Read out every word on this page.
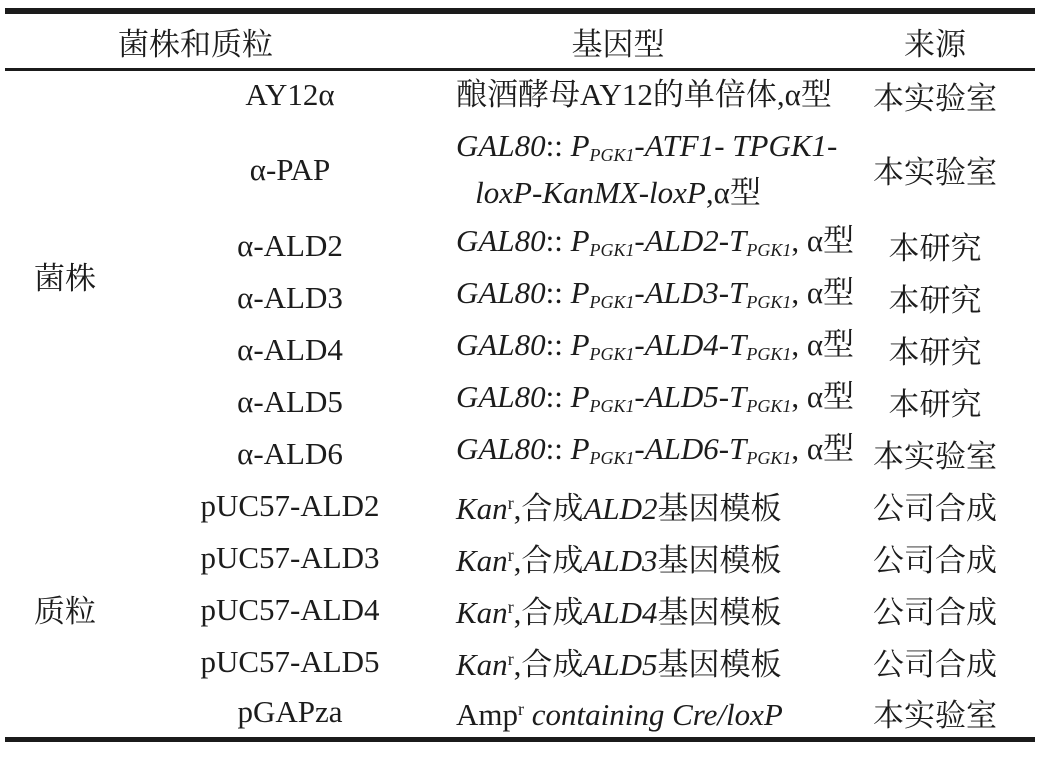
菌株和质粒		基因型	来源
菌株	AY12α	酿酒酵母AY12的单倍体,α型	本实验室
	α-PAP	GAL80:: $P_{PGK1}-ATF1-$ TPGK1-
loxP-KanMX-loxP,α型	本实验室
	α-ALD2	GAL80:: $P_{PGK1}-ALD2-T_{PGK1}$, α型	本研究
	α-ALD3	GAL80:: $P_{PGK1}-ALD3-T_{PGK1}$, α型	本研究
	α-ALD4	GAL80:: $P_{PGK1}-ALD4-T_{PGK1}$, α型	本研究
	α-ALD5	GAL80:: $P_{PGK1}-ALD5-T_{PGK1}$, α型	本研究
	α-ALD6	GAL80:: $P_{PGK1}-ALD6-T_{PGK1}$, α型	本实验室
质粒	pUC57-ALD2	Kan$^r$,合成ALD2基因模板	公司合成
	pUC57-ALD3	Kan$^r$,合成ALD3基因模板	公司合成
	pUC57-ALD4	Kan$^r$,合成ALD4基因模板	公司合成
	pUC57-ALD5	Kan$^r$,合成ALD5基因模板	公司合成
	pGAPza	Amp$^r$ containing Cre/loxP	本实验室
